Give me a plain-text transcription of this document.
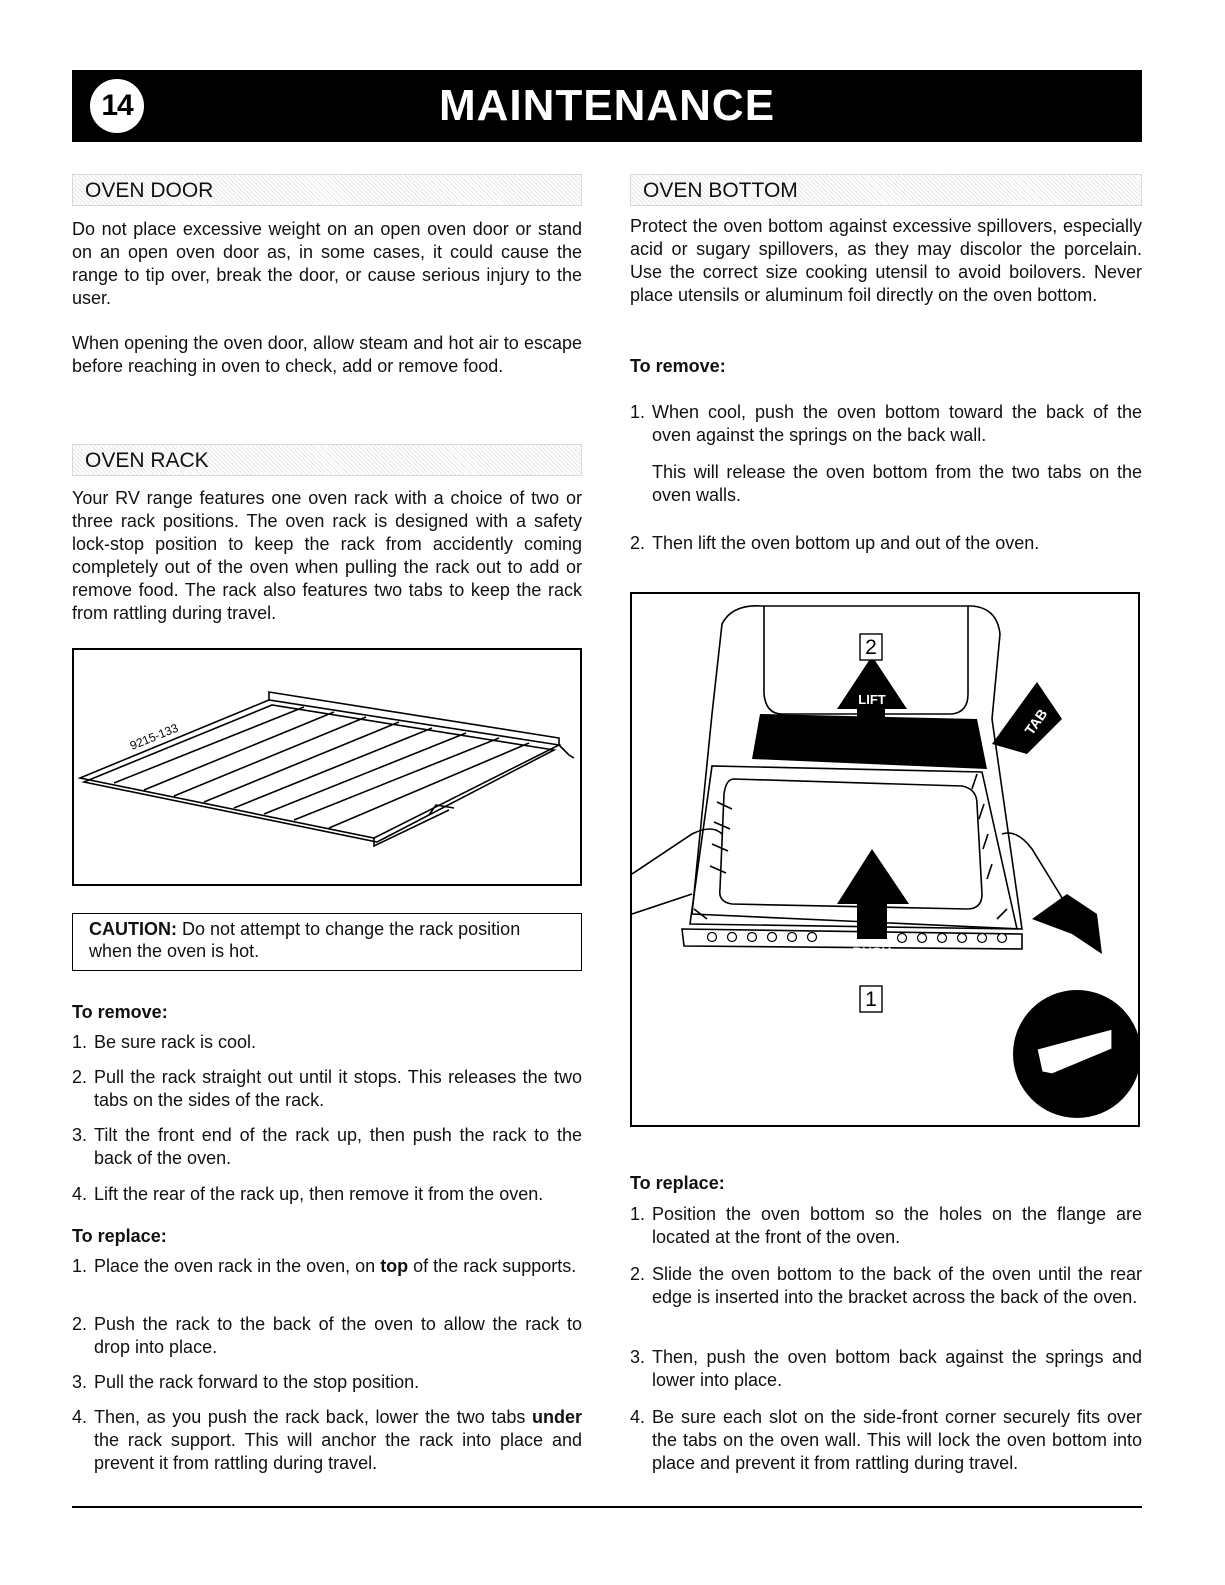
14	MAINTENANCE
OVEN DOOR

Do not place excessive weight on an open oven door or stand on an open oven door as, in some cases, it could cause the range to tip over, break the door, or cause serious injury to the user.

When opening the oven door, allow steam and hot air to escape before reaching in oven to check, add or remove food.

OVEN RACK

Your RV range features one oven rack with a choice of two or three rack positions. The oven rack is designed with a safety lock-stop position to keep the rack from accidently coming completely out of the oven when pulling the rack out to add or remove food. The rack also features two tabs to keep the rack from rattling during travel.

9215-133
CAUTION: Do not attempt to change the rack position when the oven is hot.

To remove:

1. Be sure rack is cool.
2. Pull the rack straight out until it stops. This releases the two tabs on the sides of the rack.
3. Tilt the front end of the rack up, then push the rack to the back of the oven.
4. Lift the rear of the rack up, then remove it from the oven.

To replace:

1. Place the oven rack in the oven, on top of the rack supports.
2. Push the rack to the back of the oven to allow the rack to drop into place.
3. Pull the rack forward to the stop position.
4. Then, as you push the rack back, lower the two tabs under the rack support. This will anchor the rack into place and prevent it from rattling during travel.
OVEN BOTTOM

Protect the oven bottom against excessive spillovers, especially acid or sugary spillovers, as they may discolor the porcelain. Use the correct size cooking utensil to avoid boilovers. Never place utensils or aluminum foil directly on the oven bottom.

To remove:

1. When cool, push the oven bottom toward the back of the oven against the springs on the back wall.
This will release the oven bottom from the two tabs on the oven walls.
2. Then lift the oven bottom up and out of the oven.
2
1
LIFT
PUSH
TAB

To replace:

1. Position the oven bottom so the holes on the flange are located at the front of the oven.
2. Slide the oven bottom to the back of the oven until the rear edge is inserted into the bracket across the back of the oven.
3. Then, push the oven bottom back against the springs and lower into place.
4. Be sure each slot on the side-front corner securely fits over the tabs on the oven wall. This will lock the oven bottom into place and prevent it from rattling during travel.
